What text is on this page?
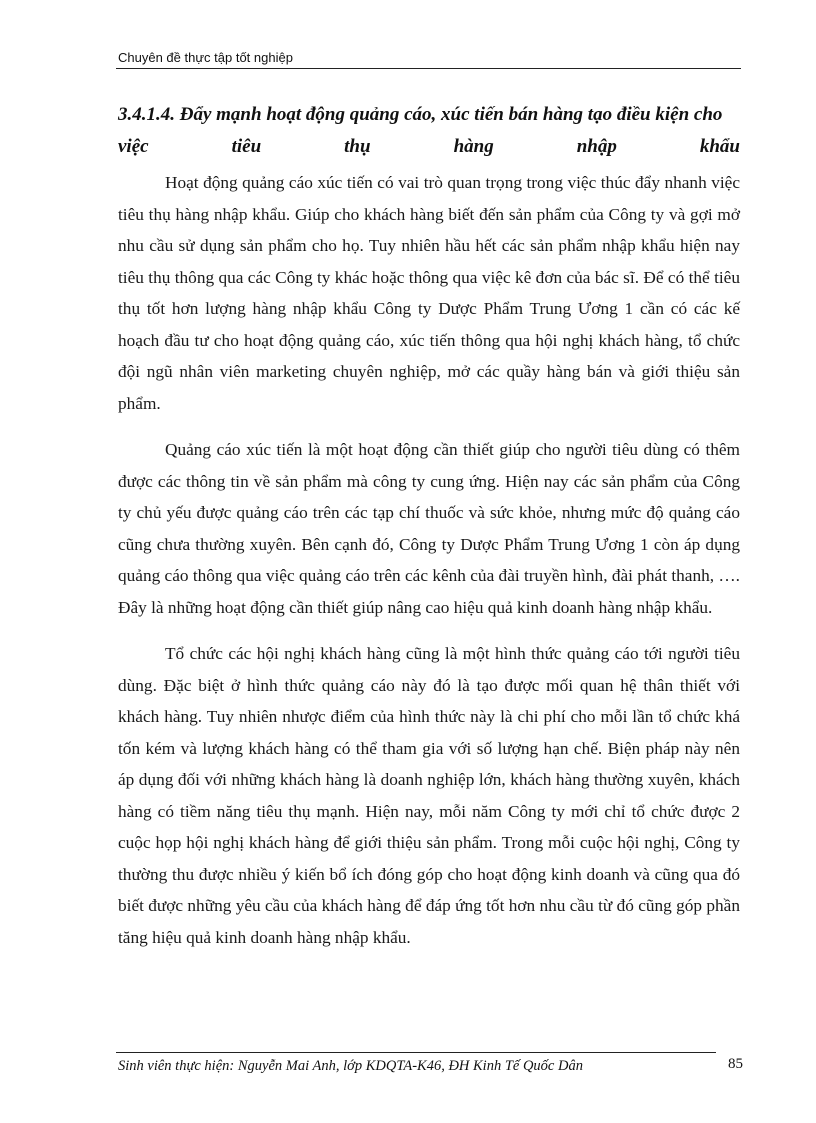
Chuyên đề thực tập tốt nghiệp
3.4.1.4. Đẩy mạnh hoạt động quảng cáo, xúc tiến bán hàng tạo điều kiện cho
việc	tiêu	thụ	hàng	nhập	khẩu

Hoạt động quảng cáo xúc tiến có vai trò quan trọng trong việc thúc đẩy nhanh việc tiêu thụ hàng nhập khẩu. Giúp cho khách hàng biết đến sản phẩm của Công ty và gợi mở nhu cầu sử dụng sản phẩm cho họ. Tuy nhiên hầu hết các sản phẩm nhập khẩu hiện nay tiêu thụ thông qua các Công ty khác hoặc thông qua việc kê đơn của bác sĩ. Để có thể tiêu thụ tốt hơn lượng hàng nhập khẩu Công ty Dược Phẩm Trung Ương 1 cần có các kế hoạch đầu tư cho hoạt động quảng cáo, xúc tiến thông qua hội nghị khách hàng, tổ chức đội ngũ nhân viên marketing chuyên nghiệp, mở các quầy hàng bán và giới thiệu sản phẩm.

Quảng cáo xúc tiến là một hoạt động cần thiết giúp cho người tiêu dùng có thêm được các thông tin về sản phẩm mà công ty cung ứng. Hiện nay các sản phẩm của Công ty chủ yếu được quảng cáo trên các tạp chí thuốc và sức khỏe, nhưng mức độ quảng cáo cũng chưa thường xuyên. Bên cạnh đó, Công ty Dược Phẩm Trung Ương 1 còn áp dụng quảng cáo thông qua việc quảng cáo trên các kênh của đài truyền hình, đài phát thanh, …. Đây là những hoạt động cần thiết giúp nâng cao hiệu quả kinh doanh hàng nhập khẩu.

Tổ chức các hội nghị khách hàng cũng là một hình thức quảng cáo tới người tiêu dùng. Đặc biệt ở hình thức quảng cáo này đó là tạo được mối quan hệ thân thiết với khách hàng. Tuy nhiên nhược điểm của hình thức này là chi phí cho mỗi lần tổ chức khá tốn kém và lượng khách hàng có thể tham gia với số lượng hạn chế. Biện pháp này nên áp dụng đối với những khách hàng là doanh nghiệp lớn, khách hàng thường xuyên, khách hàng có tiềm năng tiêu thụ mạnh. Hiện nay, mỗi năm Công ty mới chỉ tổ chức được 2 cuộc họp hội nghị khách hàng để giới thiệu sản phẩm. Trong mỗi cuộc hội nghị, Công ty thường thu được nhiều ý kiến bổ ích đóng góp cho hoạt động kinh doanh và cũng qua đó biết được những yêu cầu của khách hàng để đáp ứng tốt hơn nhu cầu từ đó cũng góp phần tăng hiệu quả kinh doanh hàng nhập khẩu.

Sinh viên thực hiện: Nguyễn Mai Anh, lớp KDQTA-K46, ĐH Kinh Tế Quốc Dân	85
